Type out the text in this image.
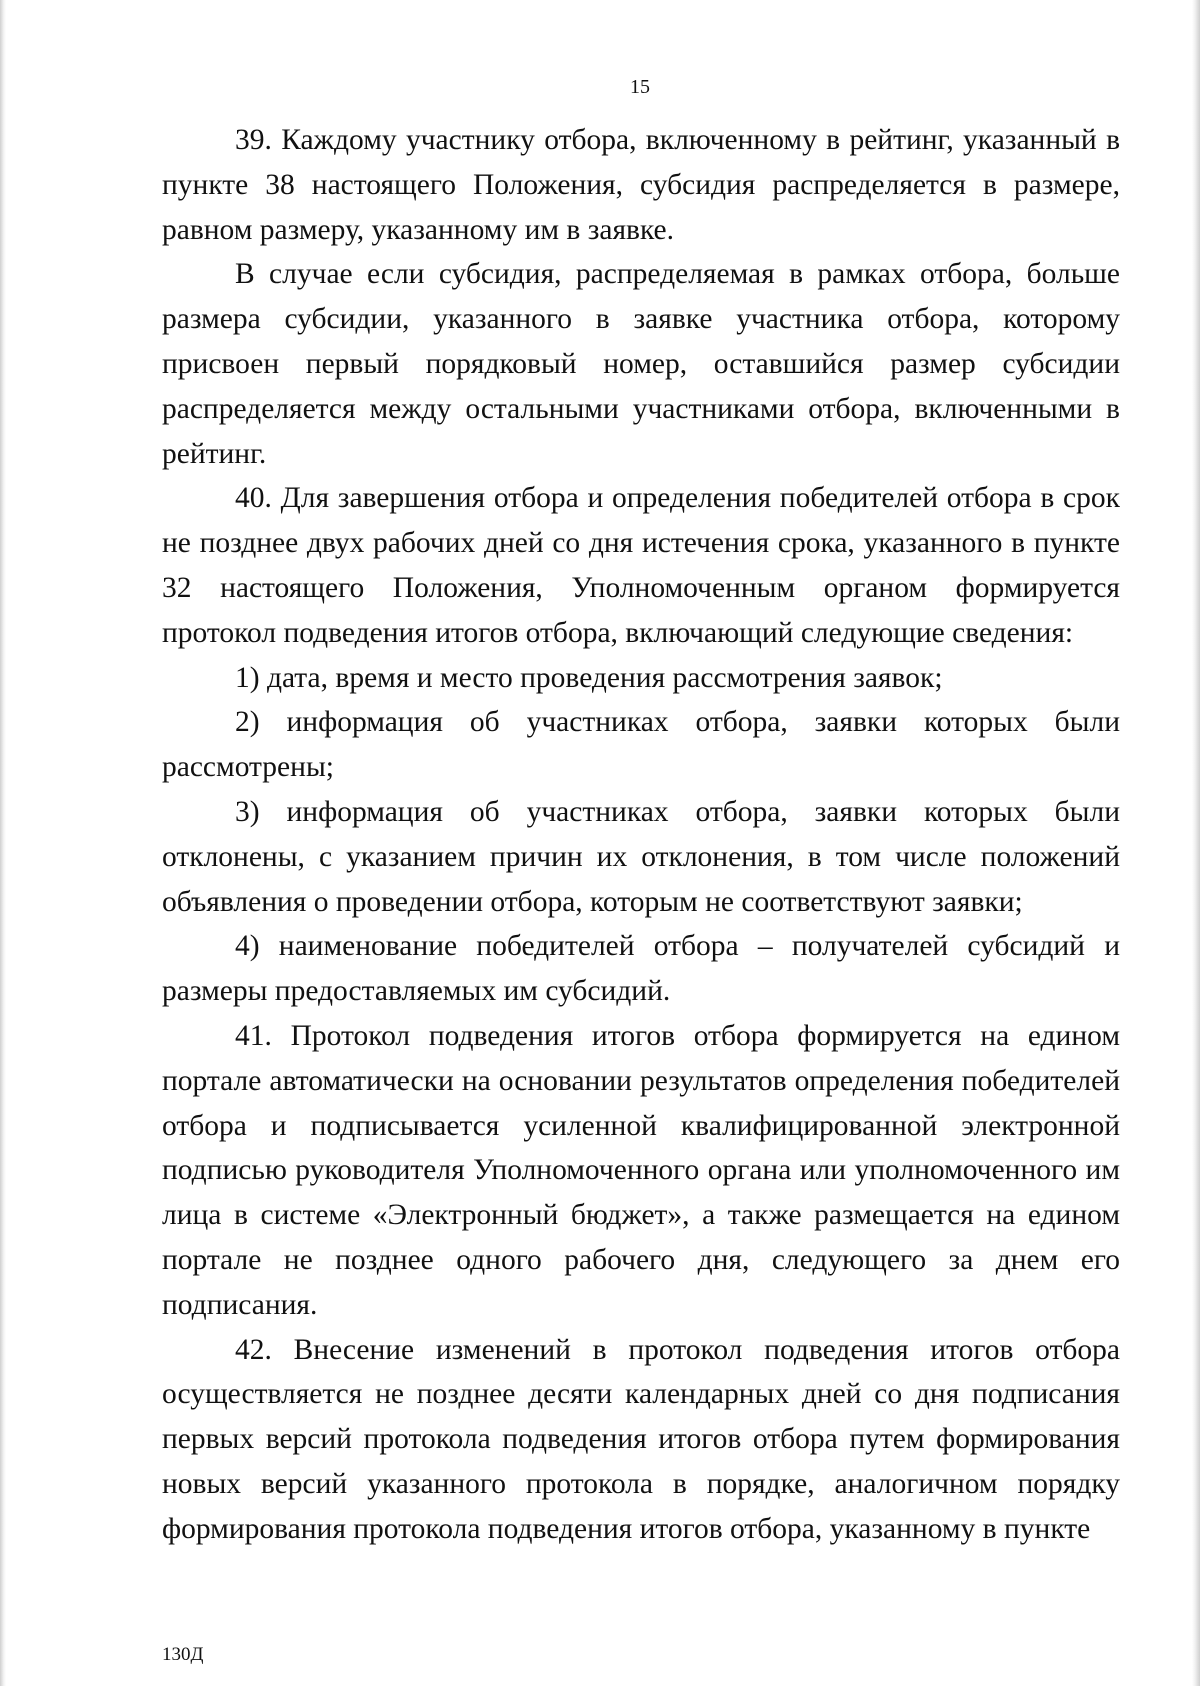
15

39. Каждому участнику отбора, включенному в рейтинг, указанный в пункте 38 настоящего Положения, субсидия распределяется в размере, равном размеру, указанному им в заявке.

В случае если субсидия, распределяемая в рамках отбора, больше размера субсидии, указанного в заявке участника отбора, которому присвоен первый порядковый номер, оставшийся размер субсидии распределяется между остальными участниками отбора, включенными в рейтинг.

40. Для завершения отбора и определения победителей отбора в срок не позднее двух рабочих дней со дня истечения срока, указанного в пункте 32 настоящего Положения, Уполномоченным органом формируется протокол подведения итогов отбора, включающий следующие сведения:

1) дата, время и место проведения рассмотрения заявок;

2) информация об участниках отбора, заявки которых были рассмотрены;

3) информация об участниках отбора, заявки которых были отклонены, с указанием причин их отклонения, в том числе положений объявления о проведении отбора, которым не соответствуют заявки;

4) наименование победителей отбора – получателей субсидий и размеры предоставляемых им субсидий.

41. Протокол подведения итогов отбора формируется на едином портале автоматически на основании результатов определения победителей отбора и подписывается усиленной квалифицированной электронной подписью руководителя Уполномоченного органа или уполномоченного им лица в системе «Электронный бюджет», а также размещается на едином портале не позднее одного рабочего дня, следующего за днем его подписания.

42. Внесение изменений в протокол подведения итогов отбора осуществляется не позднее десяти календарных дней со дня подписания первых версий протокола подведения итогов отбора путем формирования новых версий указанного протокола в порядке, аналогичном порядку формирования протокола подведения итогов отбора, указанному в пункте

130Д
